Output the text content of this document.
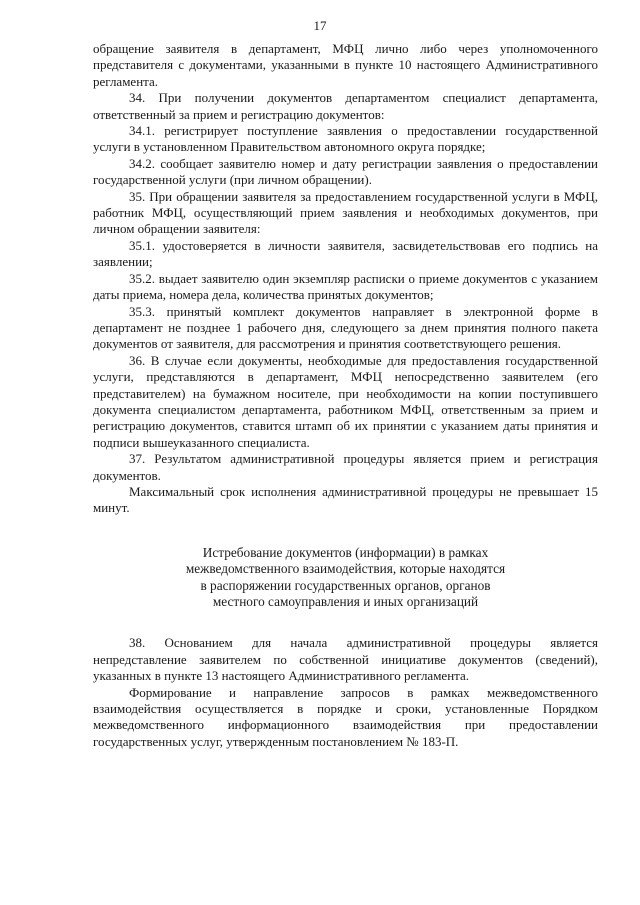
17

обращение заявителя в департамент, МФЦ лично либо через уполномоченного представителя с документами, указанными в пункте 10 настоящего Административного регламента.

34. При получении документов департаментом специалист департамента, ответственный за прием и регистрацию документов:

34.1. регистрирует поступление заявления о предоставлении государственной услуги в установленном Правительством автономного округа порядке;

34.2. сообщает заявителю номер и дату регистрации заявления о предоставлении государственной услуги (при личном обращении).

35. При обращении заявителя за предоставлением государственной услуги в МФЦ, работник МФЦ, осуществляющий прием заявления и необходимых документов, при личном обращении заявителя:

35.1. удостоверяется в личности заявителя, засвидетельствовав его подпись на заявлении;

35.2. выдает заявителю один экземпляр расписки о приеме документов с указанием даты приема, номера дела, количества принятых документов;

35.3. принятый комплект документов направляет в электронной форме в департамент не позднее 1 рабочего дня, следующего за днем принятия полного пакета документов от заявителя, для рассмотрения и принятия соответствующего решения.

36. В случае если документы, необходимые для предоставления государственной услуги, представляются в департамент, МФЦ непосредственно заявителем (его представителем) на бумажном носителе, при необходимости на копии поступившего документа специалистом департамента, работником МФЦ, ответственным за прием и регистрацию документов, ставится штамп об их принятии с указанием даты принятия и подписи вышеуказанного специалиста.

37. Результатом административной процедуры является прием и регистрация документов.

Максимальный срок исполнения административной процедуры не превышает 15 минут.

Истребование документов (информации) в рамках
межведомственного взаимодействия, которые находятся
в распоряжении государственных органов, органов
местного самоуправления и иных организаций

38. Основанием для начала административной процедуры является непредставление заявителем по собственной инициативе документов (сведений), указанных в пункте 13 настоящего Административного регламента.

Формирование и направление запросов в рамках межведомственного взаимодействия осуществляется в порядке и сроки, установленные Порядком межведомственного информационного взаимодействия при предоставлении государственных услуг, утвержденным постановлением № 183-П.
